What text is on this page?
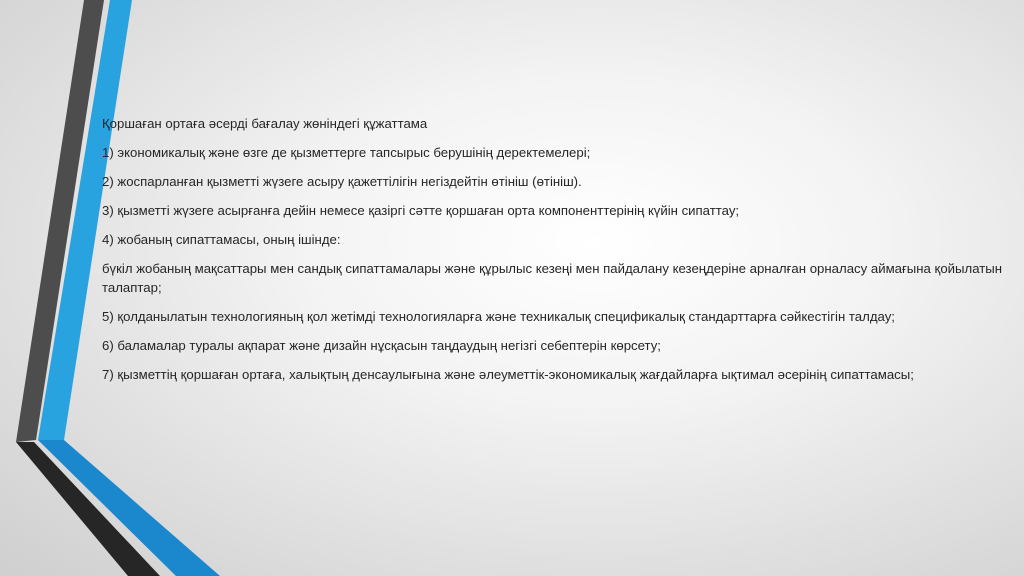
Қоршаған ортаға әсерді бағалау жөніндегі құжаттама

1) экономикалық және өзге де қызметтерге тапсырыс берушінің деректемелері;

2) жоспарланған қызметті жүзеге асыру қажеттілігін негіздейтін өтініш (өтініш).

3) қызметті жүзеге асырғанға дейін немесе қазіргі сәтте қоршаған орта компоненттерінің күйін сипаттау;

4) жобаның сипаттамасы, оның ішінде:

бүкіл жобаның мақсаттары мен сандық сипаттамалары және құрылыс кезеңі мен пайдалану кезеңдеріне арналған орналасу аймағына қойылатын талаптар;

5) қолданылатын технологияның қол жетімді технологияларға және техникалық спецификалық стандарттарға сәйкестігін талдау;

6) баламалар туралы ақпарат және дизайн нұсқасын таңдаудың негізгі себептерін көрсету;

7) қызметтің қоршаған ортаға, халықтың денсаулығына және әлеуметтік-экономикалық жағдайларға ықтимал әсерінің сипаттамасы;
